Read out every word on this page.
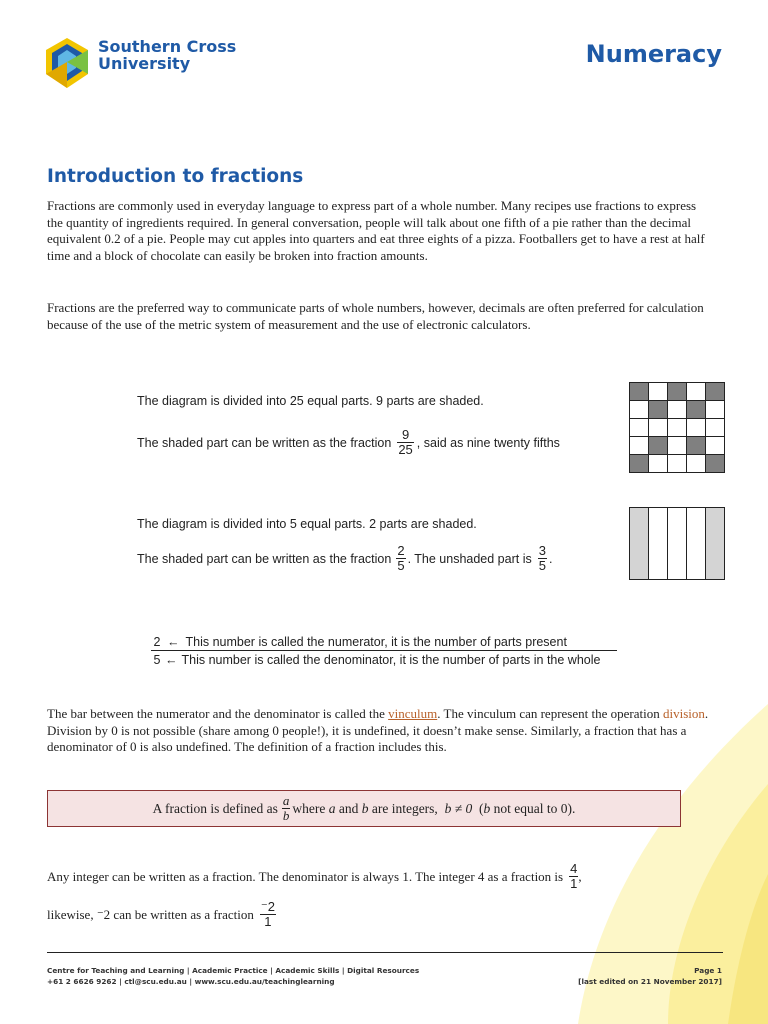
Southern Cross
University	Numeracy
Introduction to fractions
Fractions are commonly used in everyday language to express part of a whole number. Many recipes use fractions to express the quantity of ingredients required. In general conversation, people will talk about one fifth of a pie rather than the decimal equivalent 0.2 of a pie. People may cut apples into quarters and eat three eights of a pizza. Footballers get to have a rest at half time and a block of chocolate can easily be broken into fraction amounts.
Fractions are the preferred way to communicate parts of whole numbers, however, decimals are often preferred for calculation because of the use of the metric system of measurement and the use of electronic calculators.
The diagram is divided into 25 equal parts. 9 parts are shaded.
The shaded part can be written as the fraction $\frac{9}{25}$ , said as nine twenty fifths
The diagram is divided into 5 equal parts. 2 parts are shaded.
The shaded part can be written as the fraction $\frac{2}{5}$ . The unshaded part is $\frac{3}{5}$ .
2 ← This number is called the numerator, it is the number of parts present
5 ← This number is called the denominator, it is the number of parts in the whole
The bar between the numerator and the denominator is called the vinculum. The vinculum can represent the operation division. Division by 0 is not possible (share among 0 people!), it is undefined, it doesn’t make sense. Similarly, a fraction that has a denominator of 0 is also undefined. The definition of a fraction includes this.
A fraction is defined as $\frac{a}{b}$ where
a
and
b
are integers,
b ≠ 0
( b
not equal to 0).
Any integer can be written as a fraction. The denominator is always 1. The integer 4 as a fraction is $\frac{4}{1}$ ,
likewise, ⁻2 can be written as a fraction $\frac{^-2}{1}$
Centre for Teaching and Learning | Academic Practice | Academic Skills | Digital Resources
+61 2 6626 9262 | ctl@scu.edu.au | www.scu.edu.au/teachinglearning
Page 1
[last edited on 21 November 2017]
